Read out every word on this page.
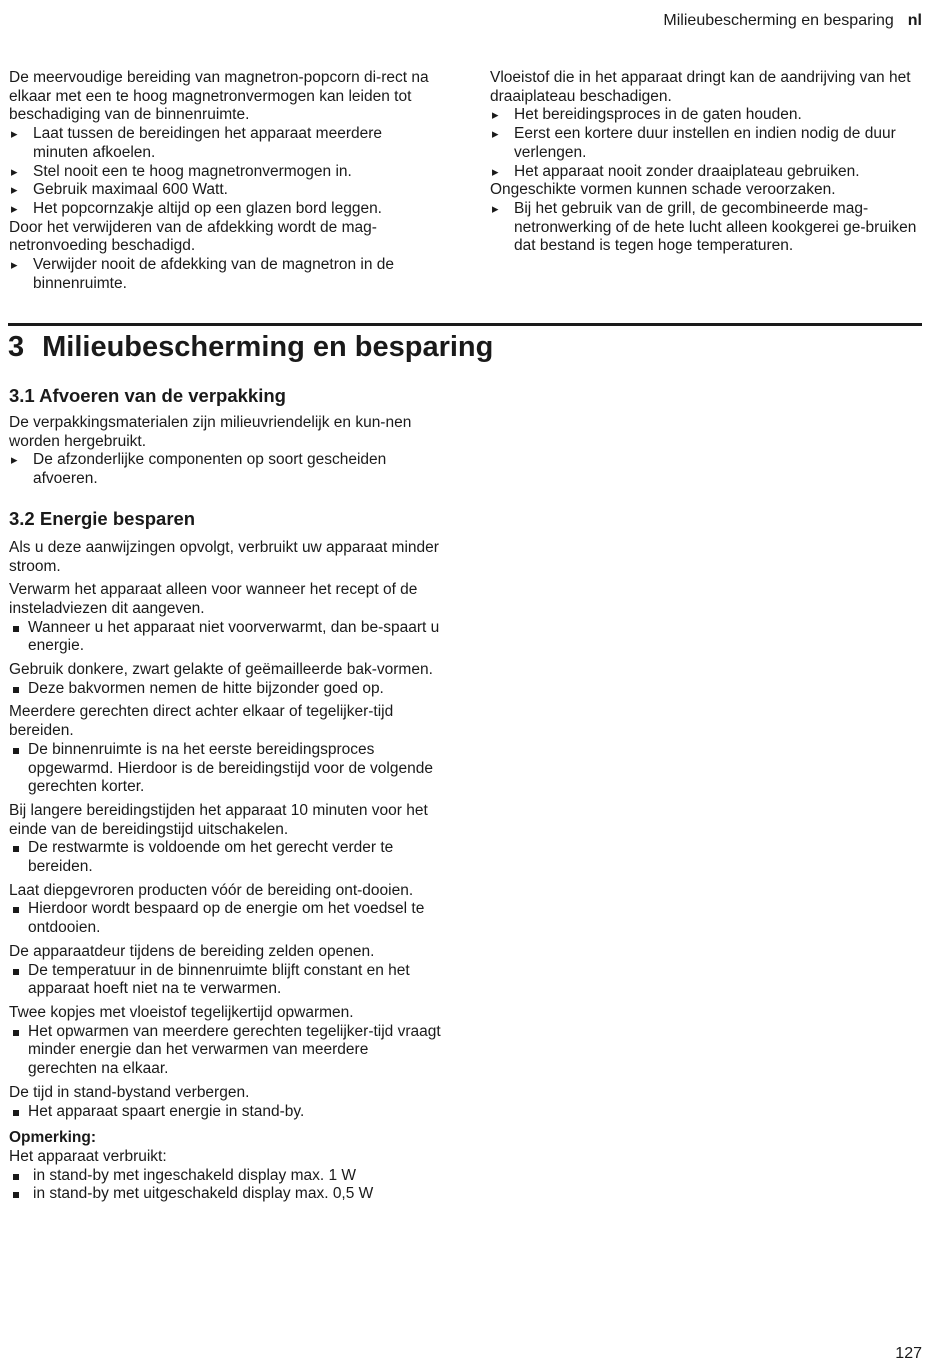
Milieubescherming en besparing nl

De meervoudige bereiding van magnetron-popcorn di-rect na elkaar met een te hoog magnetronvermogen kan leiden tot beschadiging van de binnenruimte.

▸ Laat tussen de bereidingen het apparaat meerdere minuten afkoelen.

▸ Stel nooit een te hoog magnetronvermogen in.

▸ Gebruik maximaal 600 Watt.

▸ Het popcornzakje altijd op een glazen bord leggen.

Door het verwijderen van de afdekking wordt de mag-netronvoeding beschadigd.

▸ Verwijder nooit de afdekking van de magnetron in de binnenruimte.

Vloeistof die in het apparaat dringt kan de aandrijving van het draaiplateau beschadigen.

▸ Het bereidingsproces in de gaten houden.

▸ Eerst een kortere duur instellen en indien nodig de duur verlengen.

▸ Het apparaat nooit zonder draaiplateau gebruiken.

Ongeschikte vormen kunnen schade veroorzaken.

▸ Bij het gebruik van de grill, de gecombineerde mag-netronwerking of de hete lucht alleen kookgerei ge-bruiken dat bestand is tegen hoge temperaturen.

3 Milieubescherming en besparing
3.1 Afvoeren van de verpakking

De verpakkingsmaterialen zijn milieuvriendelijk en kun-nen worden hergebruikt.

▸ De afzonderlijke componenten op soort gescheiden afvoeren.

3.2 Energie besparen

Als u deze aanwijzingen opvolgt, verbruikt uw apparaat minder stroom.

Verwarm het apparaat alleen voor wanneer het recept of de insteladviezen dit aangeven.

Wanneer u het apparaat niet voorverwarmt, dan be-spaart u energie.

Gebruik donkere, zwart gelakte of geëmailleerde bak-vormen.

Deze bakvormen nemen de hitte bijzonder goed op.

Meerdere gerechten direct achter elkaar of tegelijker-tijd bereiden.

De binnenruimte is na het eerste bereidingsproces opgewarmd. Hierdoor is de bereidingstijd voor de volgende gerechten korter.

Bij langere bereidingstijden het apparaat 10 minuten voor het einde van de bereidingstijd uitschakelen.

De restwarmte is voldoende om het gerecht verder te bereiden.

Laat diepgevroren producten vóór de bereiding ont-dooien.

Hierdoor wordt bespaard op de energie om het voedsel te ontdooien.

De apparaatdeur tijdens de bereiding zelden openen.

De temperatuur in de binnenruimte blijft constant en het apparaat hoeft niet na te verwarmen.

Twee kopjes met vloeistof tegelijkertijd opwarmen.

Het opwarmen van meerdere gerechten tegelijker-tijd vraagt minder energie dan het verwarmen van meerdere gerechten na elkaar.

De tijd in stand-bystand verbergen.

Het apparaat spaart energie in stand-by.

Opmerking:

Het apparaat verbruikt:

in stand-by met ingeschakeld display max. 1 W

in stand-by met uitgeschakeld display max. 0,5 W

127
